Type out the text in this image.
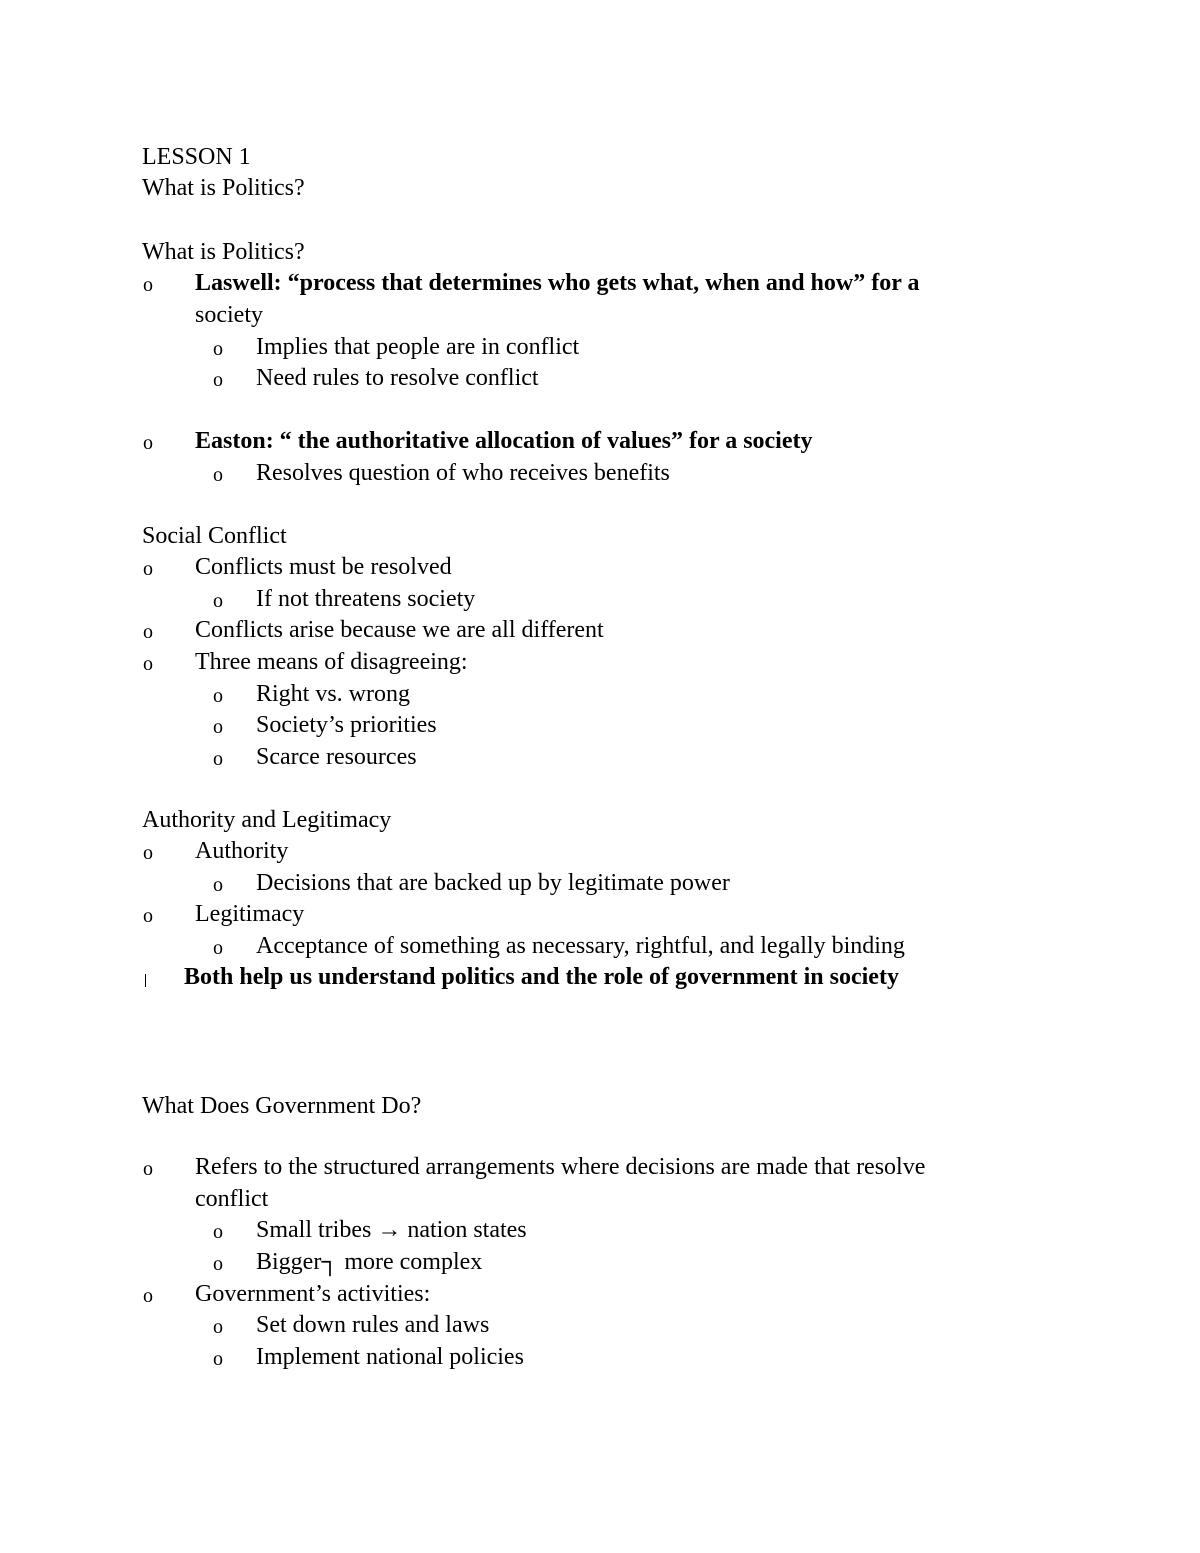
LESSON 1
What is Politics?
What is Politics?
o Laswell: “process that determines who gets what, when and how” for a
society
o Implies that people are in conflict
o Need rules to resolve conflict
o Easton: “ the authoritative allocation of values” for a society
o Resolves question of who receives benefits
Social Conflict
o Conflicts must be resolved
o If not threatens society
o Conflicts arise because we are all different
o Three means of disagreeing:
o Right vs. wrong
o Society’s priorities
o Scarce resources
Authority and Legitimacy
o Authority
o Decisions that are backed up by legitimate power
o Legitimacy
o Acceptance of something as necessary, rightful, and legally binding
Both help us understand politics and the role of government in society
What Does Government Do?
o Refers to the structured arrangements where decisions are made that resolve
conflict
o Small tribes → nation states
o Bigger┐ more complex
o Government’s activities:
o Set down rules and laws
o Implement national policies
